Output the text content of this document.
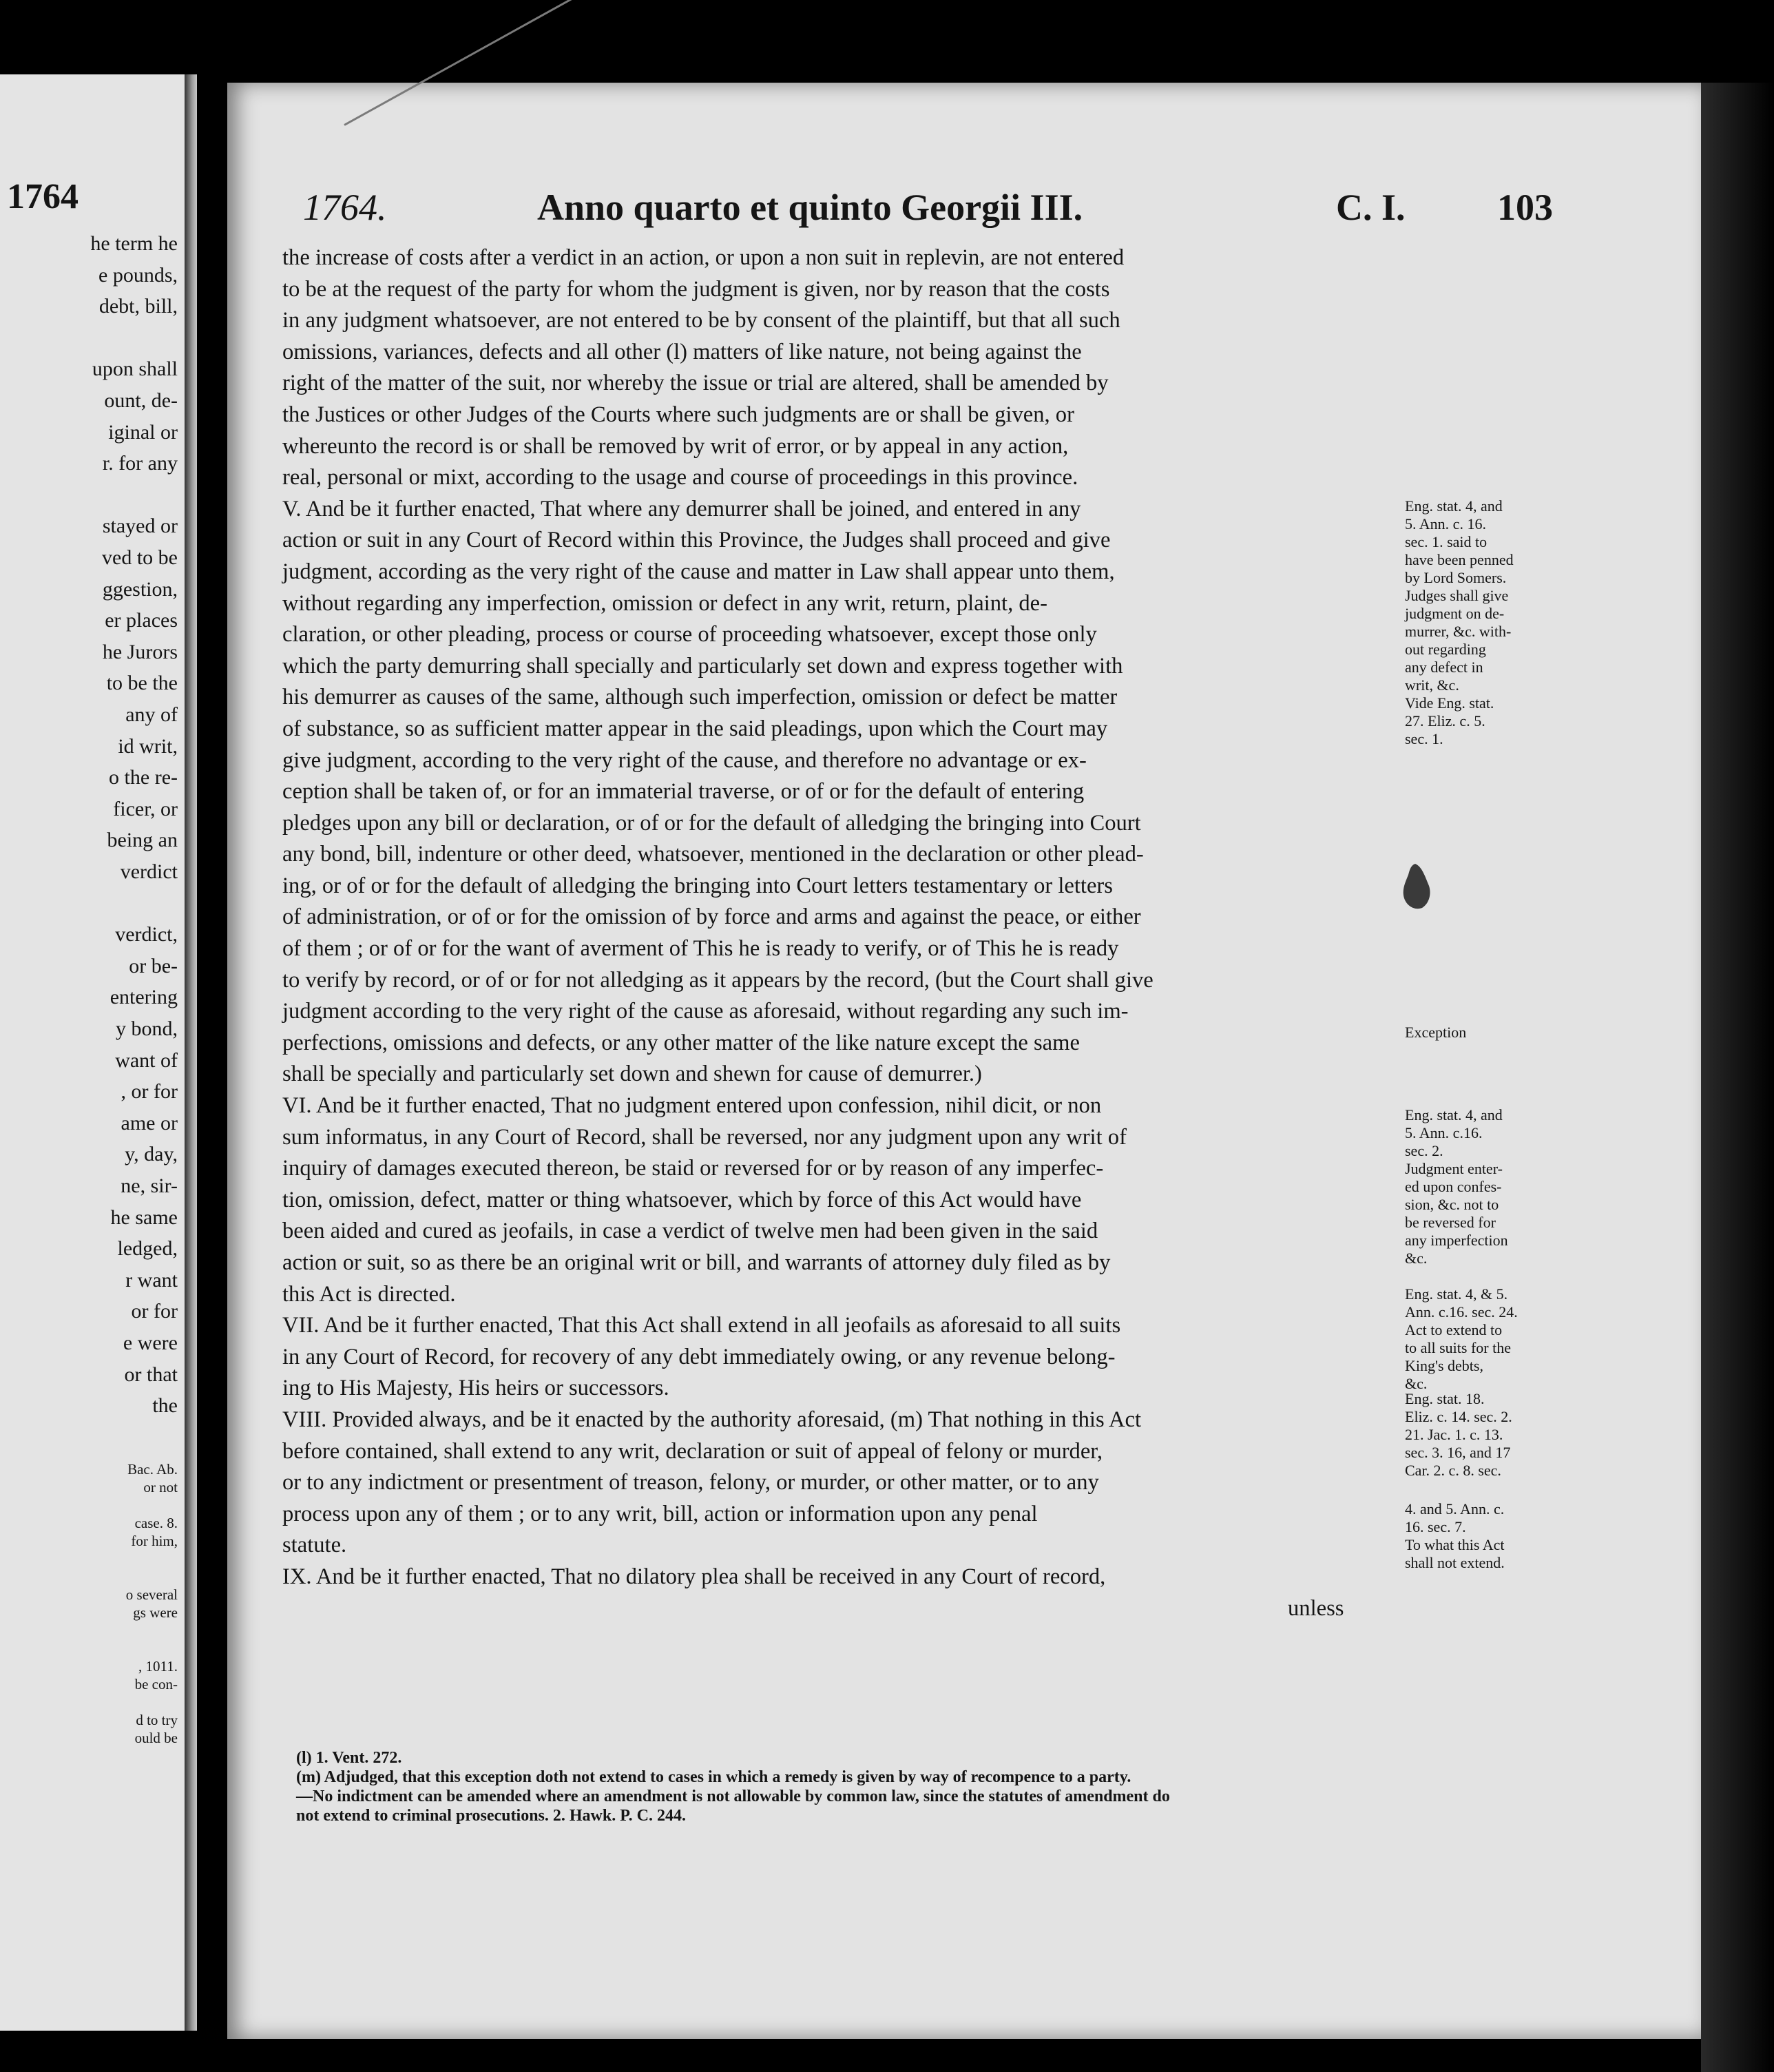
1764
he term he
e pounds,
debt, bill,
upon shall
ount, de-
iginal or
r. for any
stayed or
ved to be
ggestion,
er places
he Jurors
to be the
any of
id writ,
o the re-
ficer, or
being an
verdict
verdict,
or be-
entering
y bond,
want of
, or for
ame or
y, day,
ne, sir-
he same
ledged,
r want
or for
e were
or that
the
Bac. Ab.
or not
case. 8.
for him,
o several
gs were
, 1011.
be con-
d to try
ould be
1764.	Anno quarto et quinto Georgii III.	C. I. 103
the increase of costs after a verdict in an action, or upon a non suit in replevin, are not entered
to be at the request of the party for whom the judgment is given, nor by reason that the costs
in any judgment whatsoever, are not entered to be by consent of the plaintiff, but that all such
omissions, variances, defects and all other (l) matters of like nature, not being against the
right of the matter of the suit, nor whereby the issue or trial are altered, shall be amended by
the Justices or other Judges of the Courts where such judgments are or shall be given, or
whereunto the record is or shall be removed by writ of error, or by appeal in any action,
real, personal or mixt, according to the usage and course of proceedings in this province.
V. And be it further enacted, That where any demurrer shall be joined, and entered in any
action or suit in any Court of Record within this Province, the Judges shall proceed and give
judgment, according as the very right of the cause and matter in Law shall appear unto them,
without regarding any imperfection, omission or defect in any writ, return, plaint, de-
claration, or other pleading, process or course of proceeding whatsoever, except those only
which the party demurring shall specially and particularly set down and express together with
his demurrer as causes of the same, although such imperfection, omission or defect be matter
of substance, so as sufficient matter appear in the said pleadings, upon which the Court may
give judgment, according to the very right of the cause, and therefore no advantage or ex-
ception shall be taken of, or for an immaterial traverse, or of or for the default of entering
pledges upon any bill or declaration, or of or for the default of alledging the bringing into Court
any bond, bill, indenture or other deed, whatsoever, mentioned in the declaration or other plead-
ing, or of or for the default of alledging the bringing into Court letters testamentary or letters
of administration, or of or for the omission of by force and arms and against the peace, or either
of them ; or of or for the want of averment of This he is ready to verify, or of This he is ready
to verify by record, or of or for not alledging as it appears by the record, (but the Court shall give
judgment according to the very right of the cause as aforesaid, without regarding any such im-
perfections, omissions and defects, or any other matter of the like nature except the same
shall be specially and particularly set down and shewn for cause of demurrer.)
VI. And be it further enacted, That no judgment entered upon confession, nihil dicit, or non
sum informatus, in any Court of Record, shall be reversed, nor any judgment upon any writ of
inquiry of damages executed thereon, be staid or reversed for or by reason of any imperfec-
tion, omission, defect, matter or thing whatsoever, which by force of this Act would have
been aided and cured as jeofails, in case a verdict of twelve men had been given in the said
action or suit, so as there be an original writ or bill, and warrants of attorney duly filed as by
this Act is directed.
VII. And be it further enacted, That this Act shall extend in all jeofails as aforesaid to all suits
in any Court of Record, for recovery of any debt immediately owing, or any revenue belong-
ing to His Majesty, His heirs or successors.
VIII. Provided always, and be it enacted by the authority aforesaid, (m) That nothing in this Act
before contained, shall extend to any writ, declaration or suit of appeal of felony or murder,
or to any indictment or presentment of treason, felony, or murder, or other matter, or to any
process upon any of them ; or to any writ, bill, action or information upon any penal
statute.
IX. And be it further enacted, That no dilatory plea shall be received in any Court of record,
unless
Eng. stat. 4, and
5. Ann. c. 16.
sec. 1. said to
have been penned
by Lord Somers.
Judges shall give
judgment on de-
murrer, &c. with-
out regarding
any defect in
writ, &c.
Vide Eng. stat.
27. Eliz. c. 5.
sec. 1.
Exception
Eng. stat. 4, and
5. Ann. c.16.
sec. 2.
Judgment enter-
ed upon confes-
sion, &c. not to
be reversed for
any imperfection
&c.
Eng. stat. 4, & 5.
Ann. c.16. sec. 24.
Act to extend to
to all suits for the
King's debts,
&c.
Eng. stat. 18.
Eliz. c. 14. sec. 2.
21. Jac. 1. c. 13.
sec. 3. 16, and 17
Car. 2. c. 8. sec.
4. and 5. Ann. c.
16. sec. 7.
To what this Act
shall not extend.
(l) 1. Vent. 272.
(m) Adjudged, that this exception doth not extend to cases in which a remedy is given by way of recompence to a party.
—No indictment can be amended where an amendment is not allowable by common law, since the statutes of amendment do
not extend to criminal prosecutions. 2. Hawk. P. C. 244.
